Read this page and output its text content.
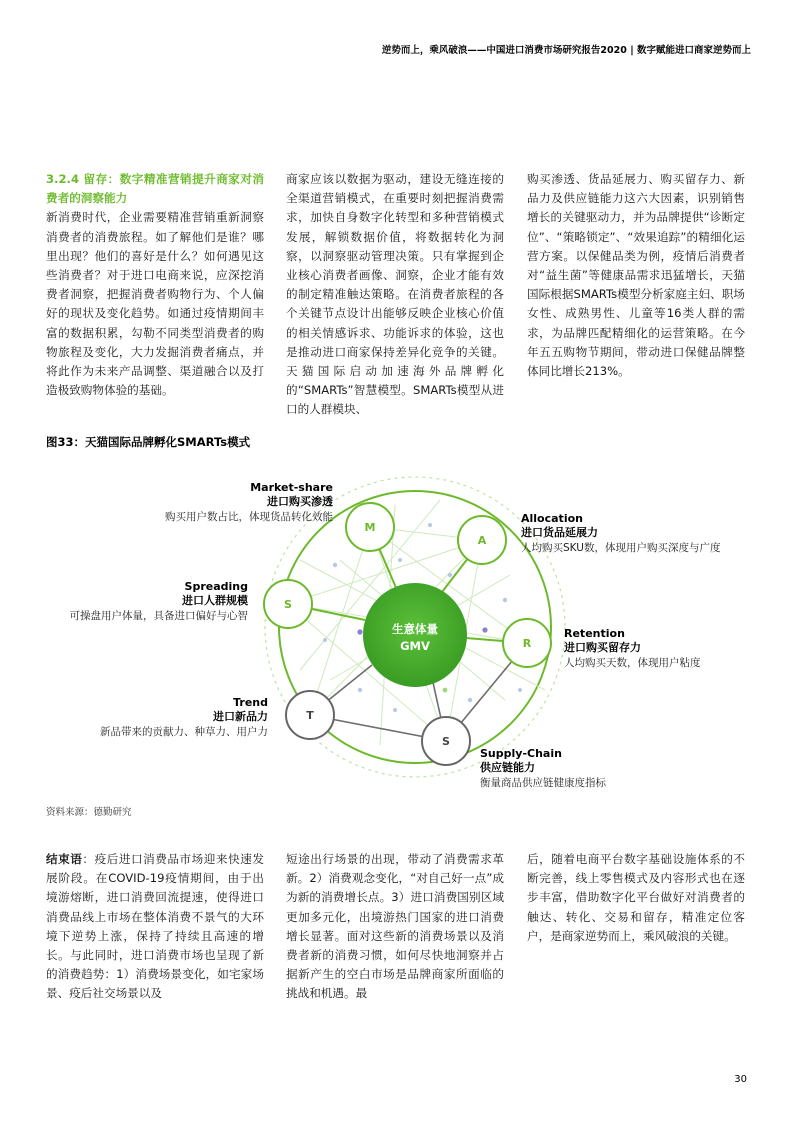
逆势而上，乘风破浪——中国进口消费市场研究报告2020 | 数字赋能进口商家逆势而上

3.2.4 留存：数字精准营销提升商家对消费者的洞察能力

新消费时代，企业需要精准营销重新洞察消费者的消费旅程。如了解他们是谁？哪里出现？他们的喜好是什么？如何遇见这些消费者？对于进口电商来说，应深挖消费者洞察，把握消费者购物行为、个人偏好的现状及变化趋势。如通过疫情期间丰富的数据积累，勾勒不同类型消费者的购物旅程及变化，大力发掘消费者痛点，并将此作为未来产品调整、渠道融合以及打造极致购物体验的基础。

商家应该以数据为驱动，建设无缝连接的全渠道营销模式，在重要时刻把握消费需求，加快自身数字化转型和多种营销模式发展，解锁数据价值，将数据转化为洞察，以洞察驱动管理决策。只有掌握到企业核心消费者画像、洞察，企业才能有效的制定精准触达策略。在消费者旅程的各个关键节点设计出能够反映企业核心价值的相关情感诉求、功能诉求的体验，这也是推动进口商家保持差异化竞争的关键。天猫国际启动加速海外品牌孵化的“SMARTs”智慧模型。SMARTs模型从进口的人群模块、

购买渗透、货品延展力、购买留存力、新品力及供应链能力这六大因素，识别销售增长的关键驱动力，并为品牌提供“诊断定位”、“策略锁定”、“效果追踪”的精细化运营方案。以保健品类为例，疫情后消费者对“益生菌”等健康品需求迅猛增长，天猫国际根据SMARTs模型分析家庭主妇、职场女性、成熟男性、儿童等16类人群的需求，为品牌匹配精细化的运营策略。在今年五五购物节期间，带动进口保健品牌整体同比增长213%。

图33：天猫国际品牌孵化SMARTs模式
生意体量
GMV
M
A
S
R
T
S
Market-share
进口购买渗透
购买用户数占比，体现货品转化效能	Allocation
进口货品延展力
人均购买SKU数，体现用户购买深度与广度
Spreading
进口人群规模
可操盘用户体量，具备进口偏好与心智
Retention
进口购买留存力
人均购买天数，体现用户粘度
Trend
进口新品力
新品带来的贡献力、种草力、用户力
Supply-Chain
供应链能力
衡量商品供应链健康度指标
资料来源：德勤研究

结束语：疫后进口消费品市场迎来快速发展阶段。在COVID-19疫情期间，由于出境游熔断，进口消费回流提速，使得进口消费品线上市场在整体消费不景气的大环境下逆势上涨，保持了持续且高速的增长。与此同时，进口消费市场也呈现了新的消费趋势：1）消费场景变化，如宅家场景、疫后社交场景以及

短途出行场景的出现，带动了消费需求革新。2）消费观念变化，“对自己好一点”成为新的消费增长点。3）进口消费国别区域更加多元化，出境游热门国家的进口消费增长显著。面对这些新的消费场景以及消费者新的消费习惯，如何尽快地洞察并占据新产生的空白市场是品牌商家所面临的挑战和机遇。最

后，随着电商平台数字基础设施体系的不断完善，线上零售模式及内容形式也在逐步丰富，借助数字化平台做好对消费者的触达、转化、交易和留存，精准定位客户，是商家逆势而上，乘风破浪的关键。

30
